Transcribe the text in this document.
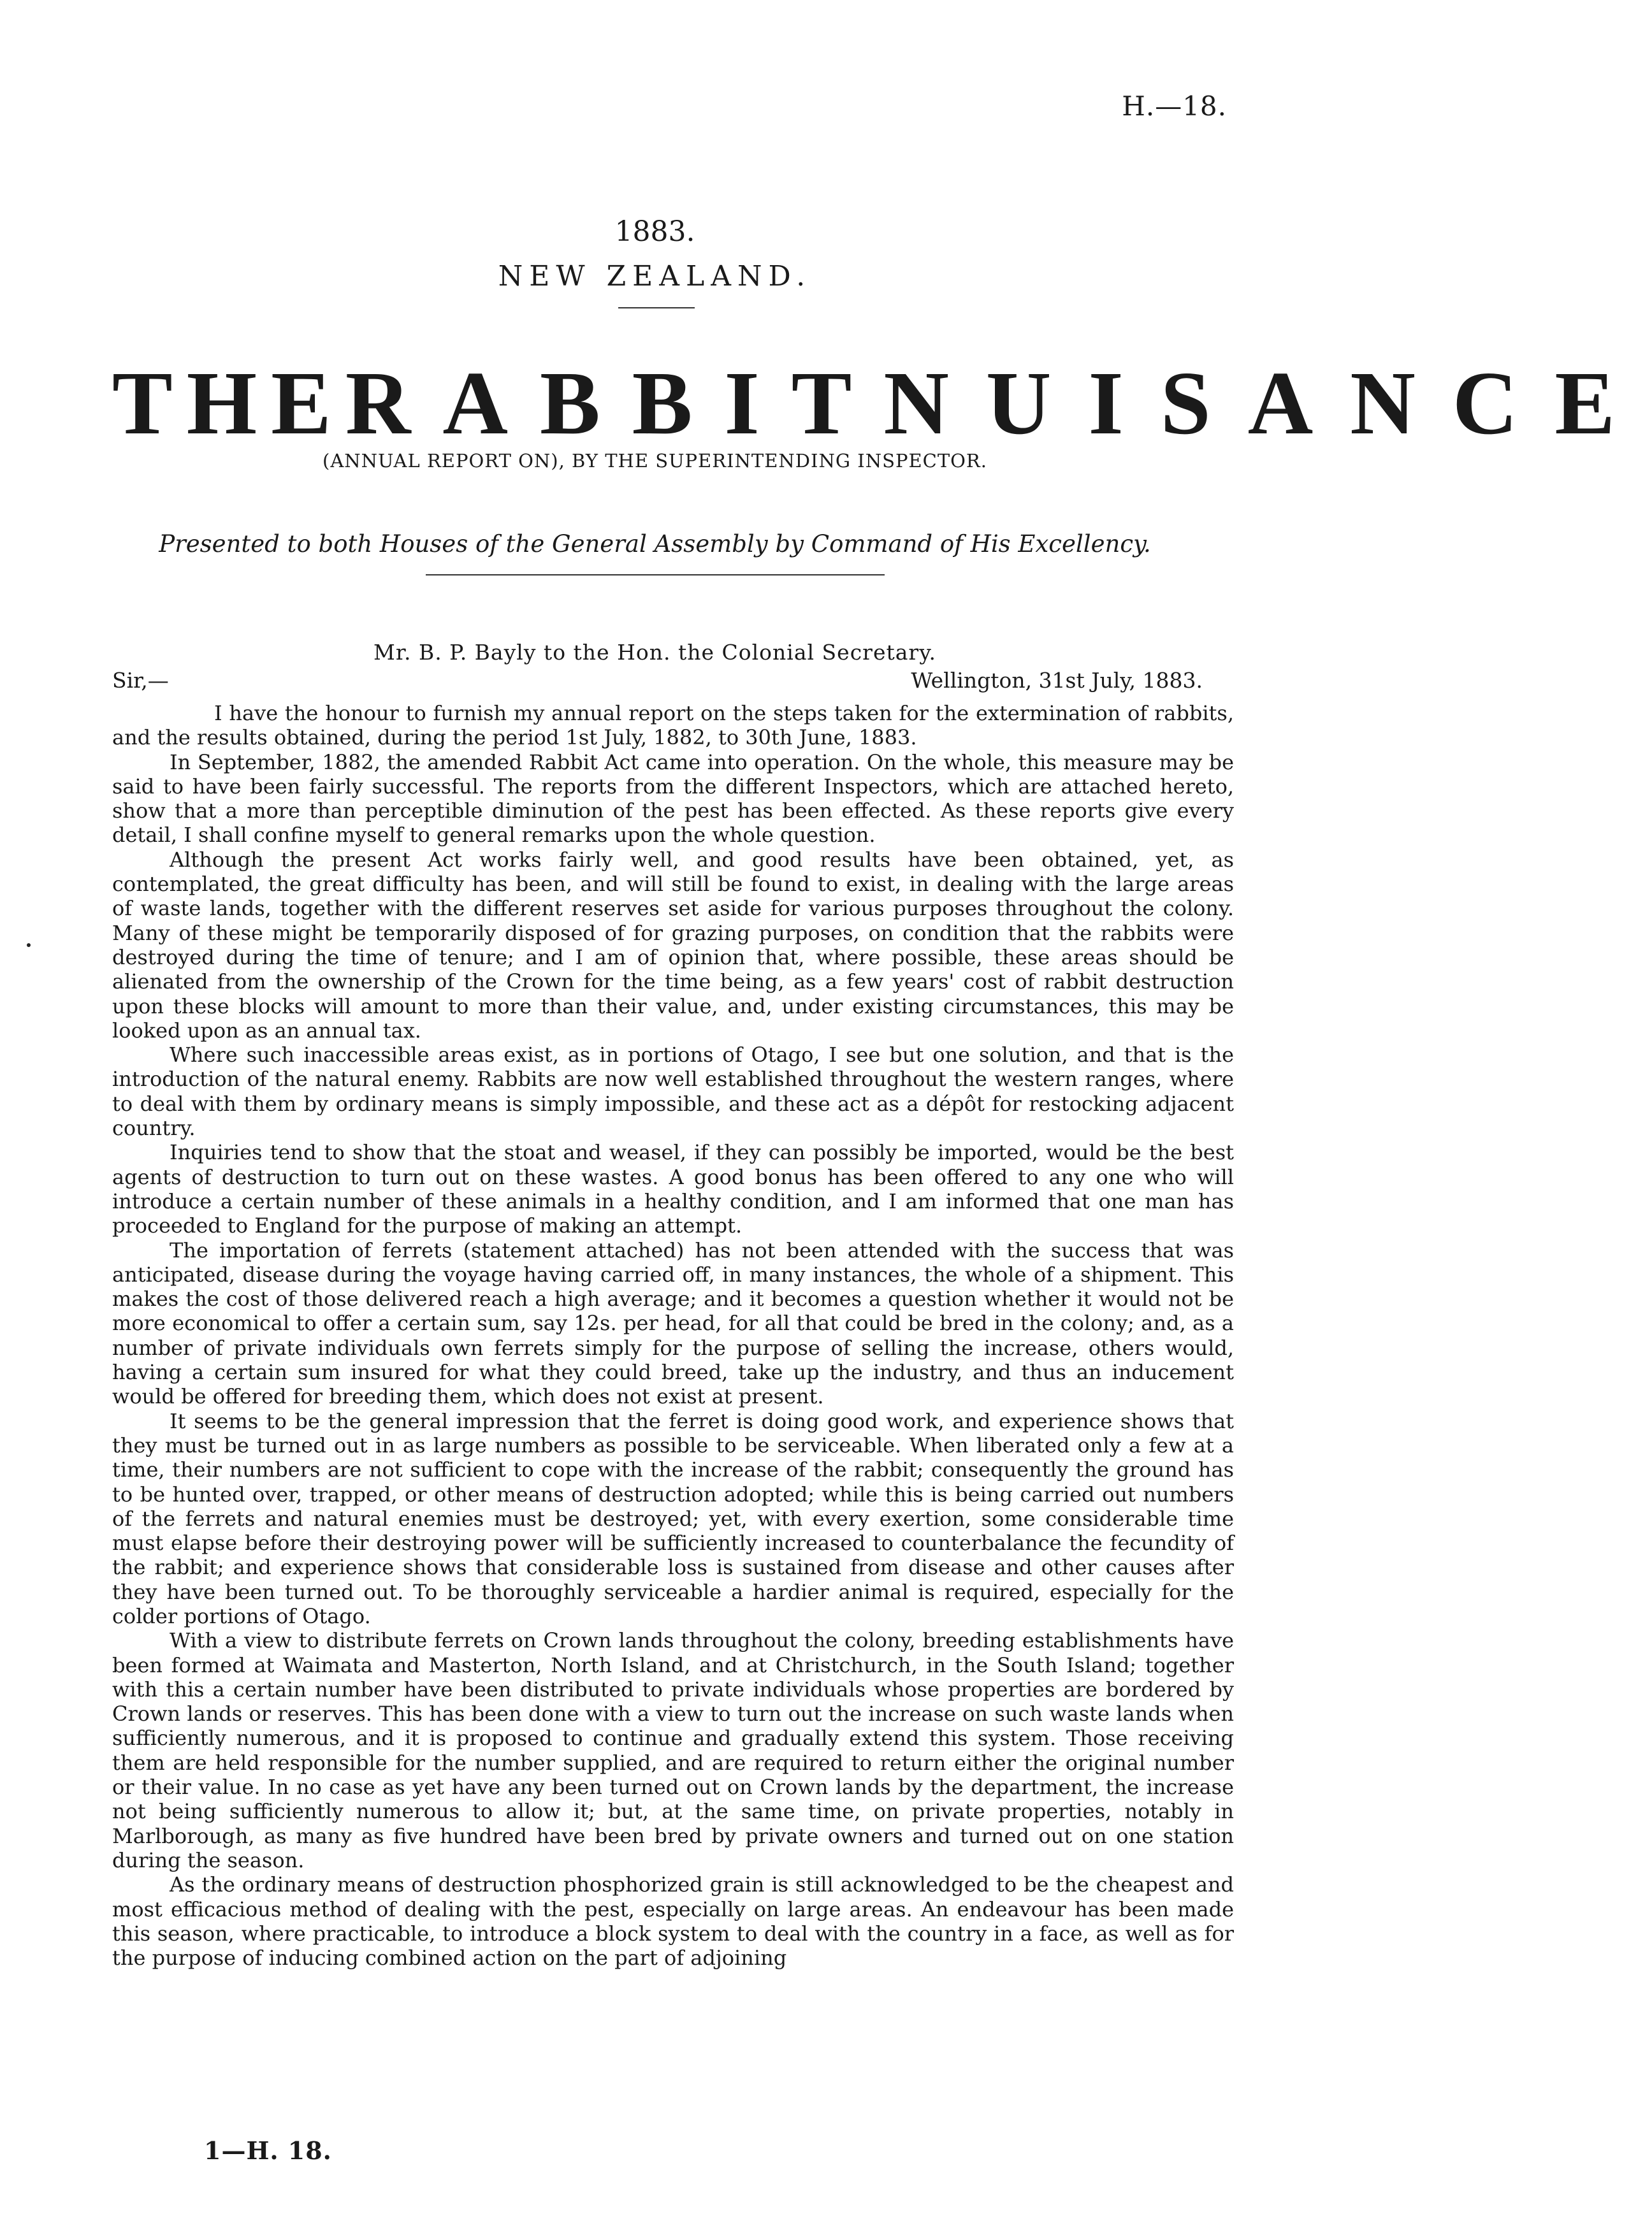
H.—18.
1883.
NEW ZEALAND.
THE RABBIT NUISANCE
(ANNUAL REPORT ON), BY THE SUPERINTENDING INSPECTOR.
Presented to both Houses of the General Assembly by Command of His Excellency.
Mr. B. P. Bayly to the Hon. the Colonial Secretary.
Sir,—	Wellington, 31st July, 1883.

I have the honour to furnish my annual report on the steps taken for the extermination of rabbits, and the results obtained, during the period 1st July, 1882, to 30th June, 1883.

In September, 1882, the amended Rabbit Act came into operation. On the whole, this measure may be said to have been fairly successful. The reports from the different Inspectors, which are attached hereto, show that a more than perceptible diminution of the pest has been effected. As these reports give every detail, I shall confine myself to general remarks upon the whole question.

Although the present Act works fairly well, and good results have been obtained, yet, as contemplated, the great difficulty has been, and will still be found to exist, in dealing with the large areas of waste lands, together with the different reserves set aside for various purposes throughout the colony. Many of these might be temporarily disposed of for grazing purposes, on condition that the rabbits were destroyed during the time of tenure; and I am of opinion that, where possible, these areas should be alienated from the ownership of the Crown for the time being, as a few years' cost of rabbit destruction upon these blocks will amount to more than their value, and, under existing circumstances, this may be looked upon as an annual tax.

Where such inaccessible areas exist, as in portions of Otago, I see but one solution, and that is the introduction of the natural enemy. Rabbits are now well established throughout the western ranges, where to deal with them by ordinary means is simply impossible, and these act as a dépôt for restocking adjacent country.

Inquiries tend to show that the stoat and weasel, if they can possibly be imported, would be the best agents of destruction to turn out on these wastes. A good bonus has been offered to any one who will introduce a certain number of these animals in a healthy condition, and I am informed that one man has proceeded to England for the purpose of making an attempt.

The importation of ferrets (statement attached) has not been attended with the success that was anticipated, disease during the voyage having carried off, in many instances, the whole of a shipment. This makes the cost of those delivered reach a high average; and it becomes a question whether it would not be more economical to offer a certain sum, say 12s. per head, for all that could be bred in the colony; and, as a number of private individuals own ferrets simply for the purpose of selling the increase, others would, having a certain sum insured for what they could breed, take up the industry, and thus an inducement would be offered for breeding them, which does not exist at present.

It seems to be the general impression that the ferret is doing good work, and experience shows that they must be turned out in as large numbers as possible to be serviceable. When liberated only a few at a time, their numbers are not sufficient to cope with the increase of the rabbit; consequently the ground has to be hunted over, trapped, or other means of destruction adopted; while this is being carried out numbers of the ferrets and natural enemies must be destroyed; yet, with every exertion, some considerable time must elapse before their destroying power will be sufficiently increased to counterbalance the fecundity of the rabbit; and experience shows that considerable loss is sustained from disease and other causes after they have been turned out. To be thoroughly serviceable a hardier animal is required, especially for the colder portions of Otago.

With a view to distribute ferrets on Crown lands throughout the colony, breeding establishments have been formed at Waimata and Masterton, North Island, and at Christchurch, in the South Island; together with this a certain number have been distributed to private individuals whose properties are bordered by Crown lands or reserves. This has been done with a view to turn out the increase on such waste lands when sufficiently numerous, and it is proposed to continue and gradually extend this system. Those receiving them are held responsible for the number supplied, and are required to return either the original number or their value. In no case as yet have any been turned out on Crown lands by the department, the increase not being sufficiently numerous to allow it; but, at the same time, on private properties, notably in Marlborough, as many as five hundred have been bred by private owners and turned out on one station during the season.

As the ordinary means of destruction phosphorized grain is still acknowledged to be the cheapest and most efficacious method of dealing with the pest, especially on large areas. An endeavour has been made this season, where practicable, to introduce a block system to deal with the country in a face, as well as for the purpose of inducing combined action on the part of adjoining

1—H. 18.
